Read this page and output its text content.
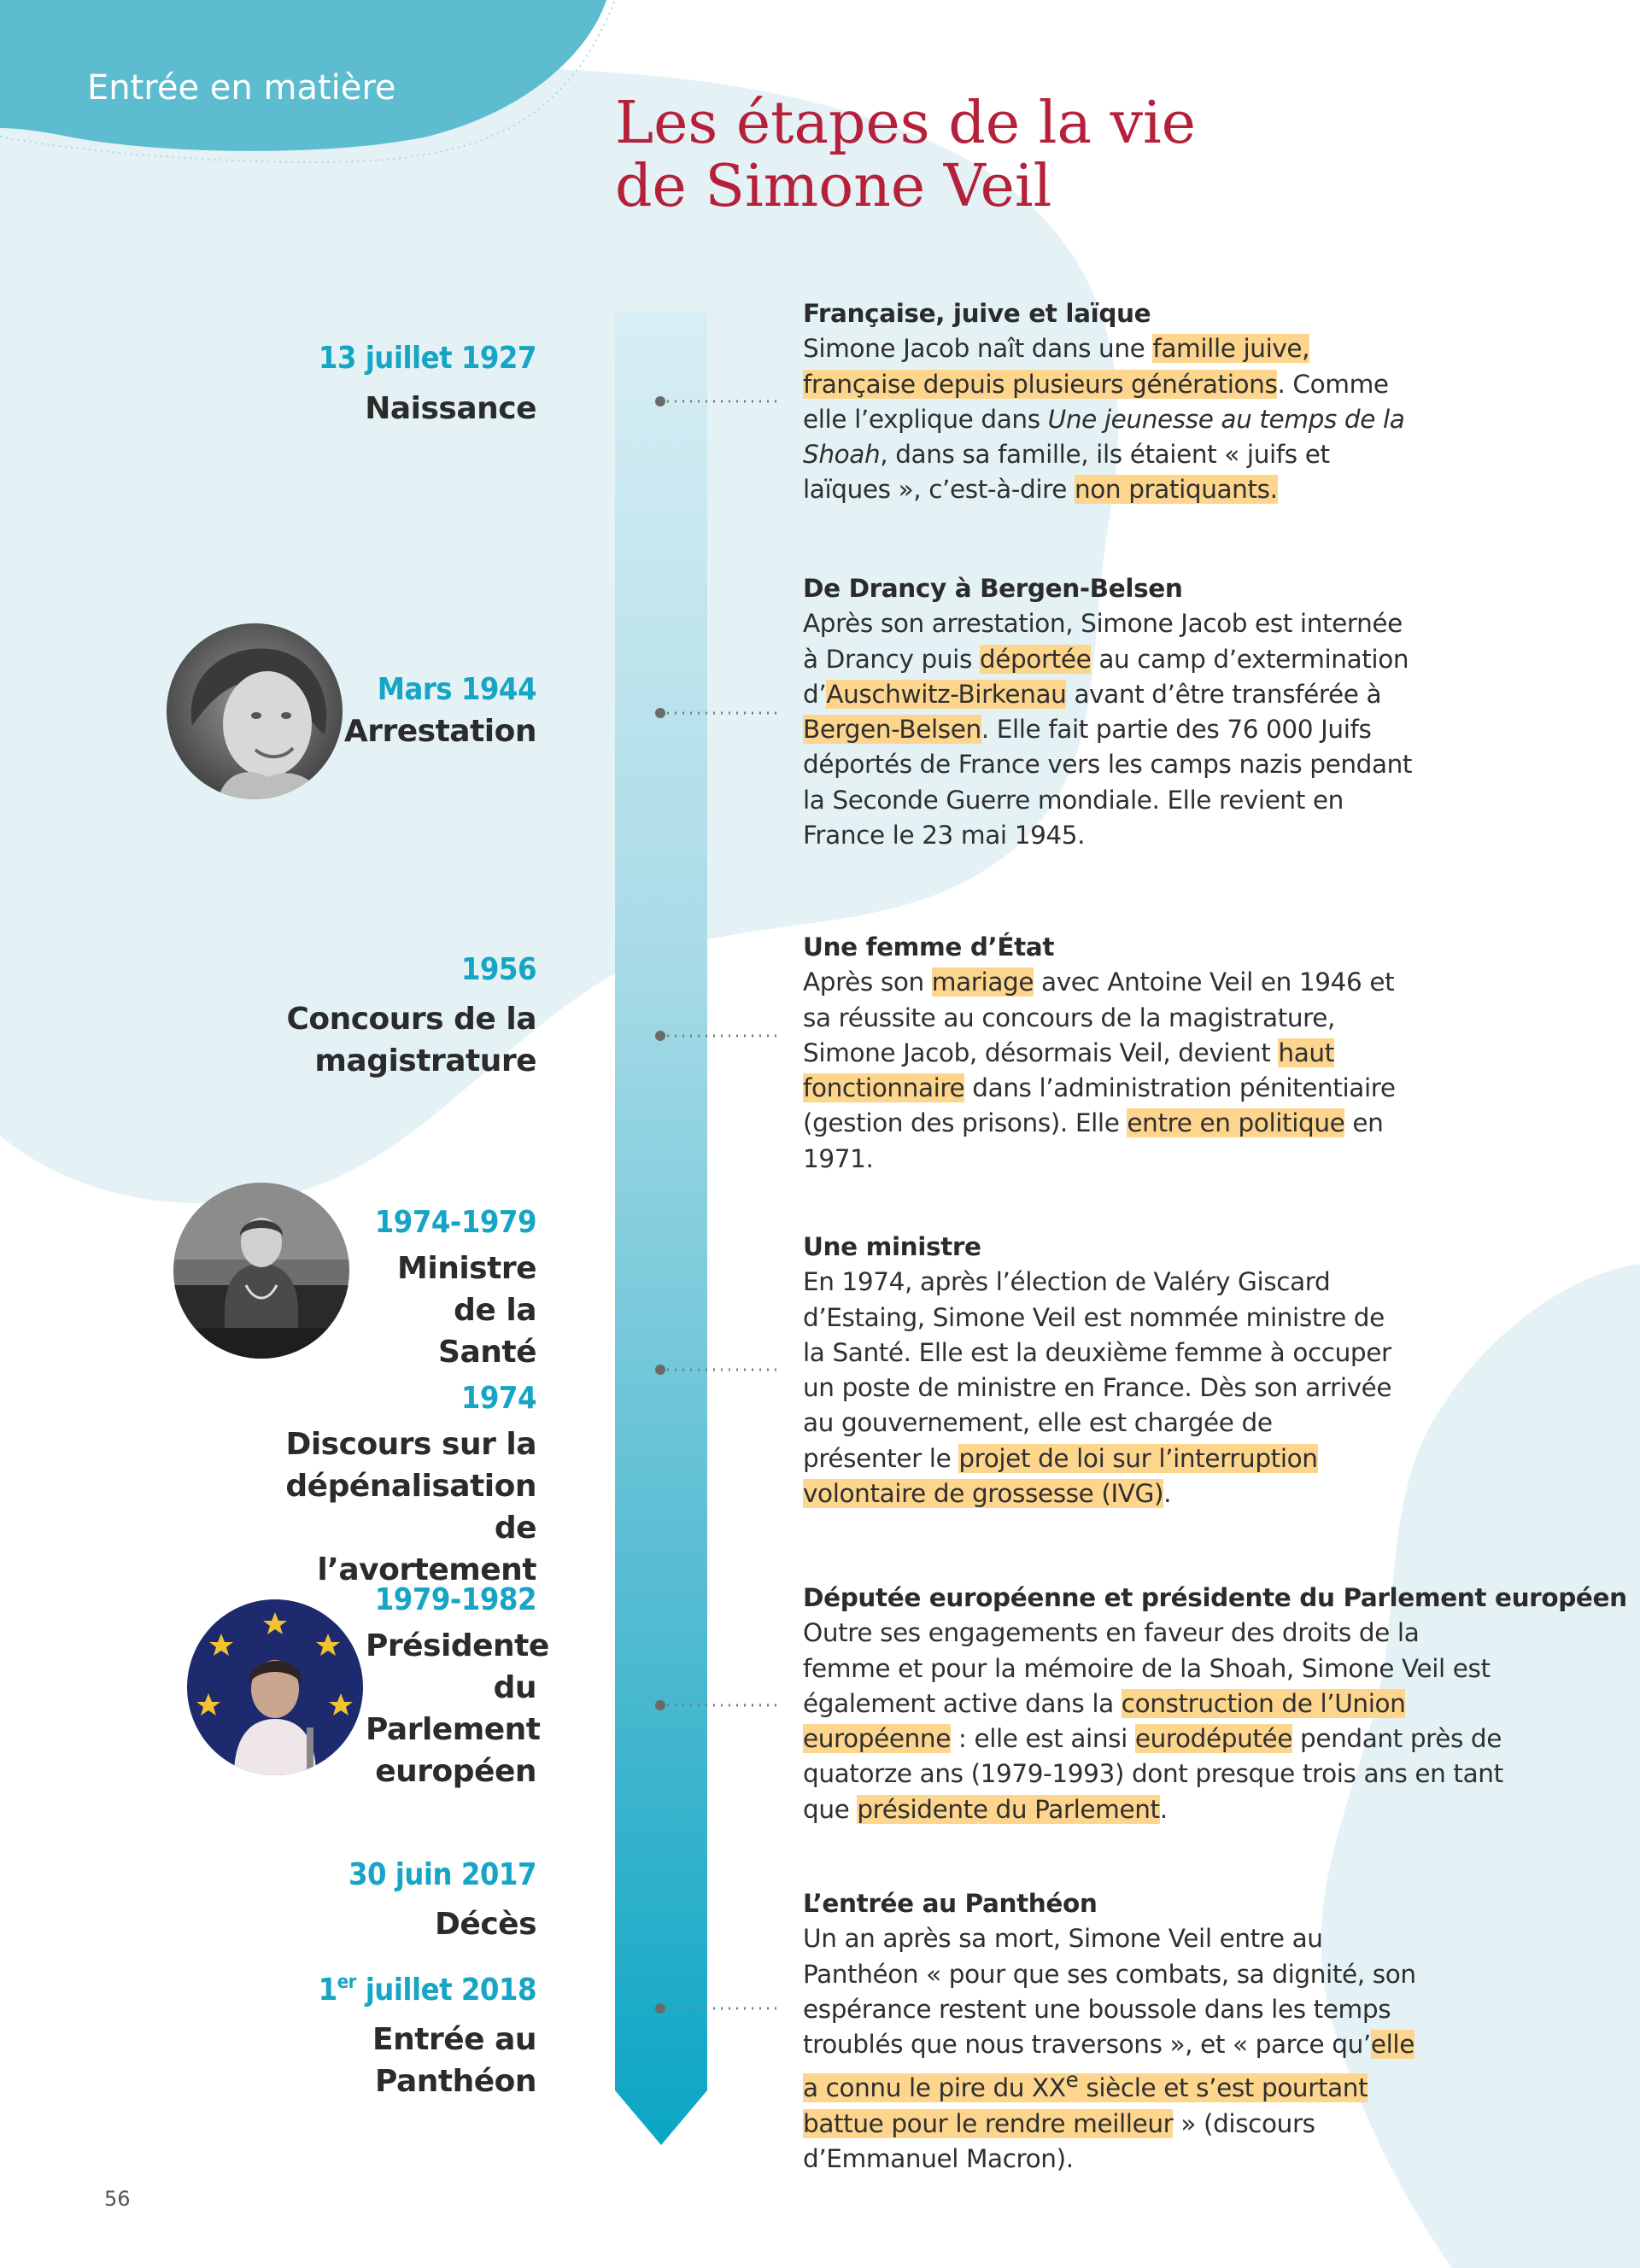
Entrée en matière
Les étapes de la vie
de Simone Veil
13 juillet 1927
Naissance
Mars 1944
Arrestation
1956
Concours de la magistrature
1974-1979
Ministre de la Santé
1974
Discours sur la dépénalisation de l’avortement
1979-1982
Présidente du Parlement européen
30 juin 2017
Décès
1er juillet 2018
Entrée au Panthéon
Française, juive et laïque

Simone Jacob naît dans une famille juive, française depuis plusieurs générations. Comme elle l’explique dans Une jeunesse au temps de la Shoah, dans sa famille, ils étaient « juifs et laïques », c’est-à-dire non pratiquants.

De Drancy à Bergen-Belsen

Après son arrestation, Simone Jacob est internée à Drancy puis déportée au camp d’extermination d’Auschwitz-Birkenau avant d’être transférée à Bergen-Belsen. Elle fait partie des 76 000 Juifs déportés de France vers les camps nazis pendant la Seconde Guerre mondiale. Elle revient en France le 23 mai 1945.

Une femme d’État

Après son mariage avec Antoine Veil en 1946 et sa réussite au concours de la magistrature, Simone Jacob, désormais Veil, devient haut fonctionnaire dans l’administration pénitentiaire (gestion des prisons). Elle entre en politique en 1971.

Une ministre

En 1974, après l’élection de Valéry Giscard d’Estaing, Simone Veil est nommée ministre de la Santé. Elle est la deuxième femme à occuper un poste de ministre en France. Dès son arrivée au gouvernement, elle est chargée de présenter le projet de loi sur l’interruption volontaire de grossesse (IVG).

Députée européenne et présidente du Parlement européen

Outre ses engagements en faveur des droits de la femme et pour la mémoire de la Shoah, Simone Veil est également active dans la construction de l’Union européenne : elle est ainsi eurodéputée pendant près de quatorze ans (1979-1993) dont presque trois ans en tant que présidente du Parlement.

L’entrée au Panthéon

Un an après sa mort, Simone Veil entre au Panthéon « pour que ses combats, sa dignité, son espérance restent une boussole dans les temps troublés que nous traversons », et « parce qu’elle a connu le pire du XXe siècle et s’est pourtant battue pour le rendre meilleur » (discours d’Emmanuel Macron).

56
